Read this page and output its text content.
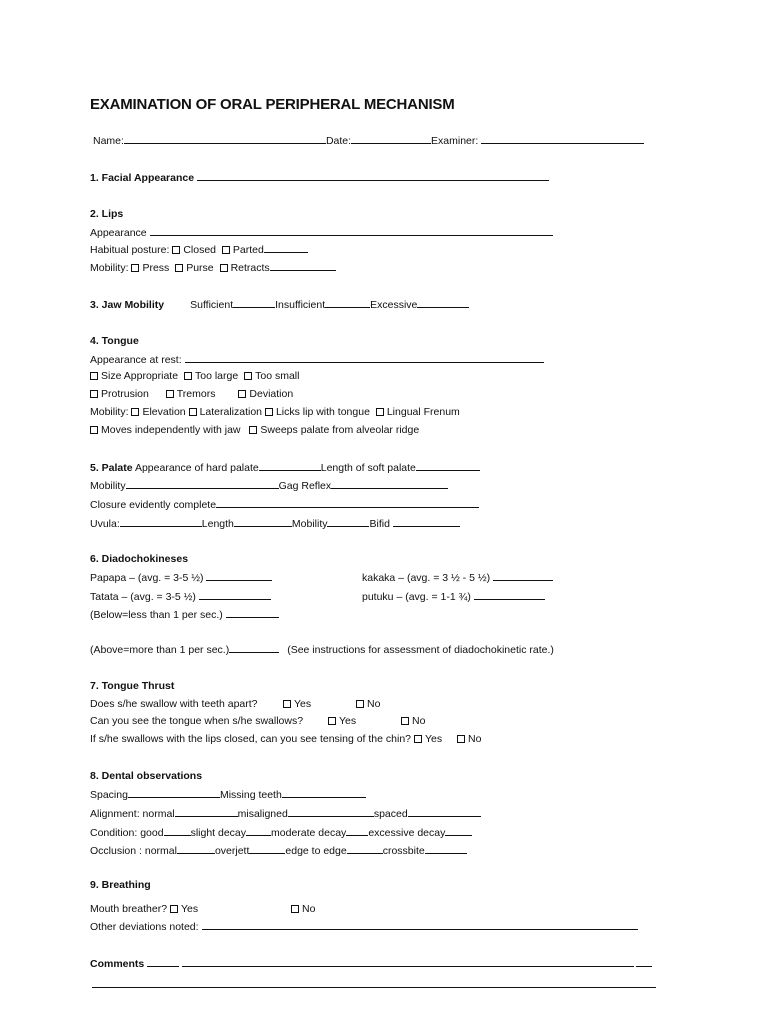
EXAMINATION OF ORAL PERIPHERAL MECHANISM
Name:	Date:	Examiner:
1. Facial Appearance
2. Lips
Appearance
Habitual posture: Closed Parted
Mobility: Press Purse Retracts
3. Jaw Mobility Sufficient	Insufficient	Excessive
4. Tongue
Appearance at rest:
Size Appropriate Too large Too small
Protrusion	Tremors	Deviation
Mobility: Elevation Lateralization Licks lip with tongue Lingual Frenum
Moves independently with jaw Sweeps palate from alveolar ridge
5. Palate Appearance of hard palate	Length of soft palate
Mobility	Gag Reflex
Closure evidently complete
Uvula:	Length	Mobility	Bifid
6. Diadochokineses
Papapa – (avg. = 3-5 ½)	kakaka – (avg. = 3 ½ - 5 ½)
Tatata – (avg. = 3-5 ½)	putuku – (avg. = 1-1 ¾)
(Below=less than 1 per sec.)
(Above=more than 1 per sec.)	(See instructions for assessment of diadochokinetic rate.)
7. Tongue Thrust
Does s/he swallow with teeth apart?	Yes	No
Can you see the tongue when s/he swallows?	Yes	No
If s/he swallows with the lips closed, can you see tensing of the chin? Yes No
8. Dental observations
Spacing	Missing teeth
Alignment: normal	misaligned	spaced
Condition: good	slight decay moderate decay excessive decay
Occlusion : normal	overjett	edge to edge	crossbite
9. Breathing
Mouth breather? Yes	No
Other deviations noted:
Comments
